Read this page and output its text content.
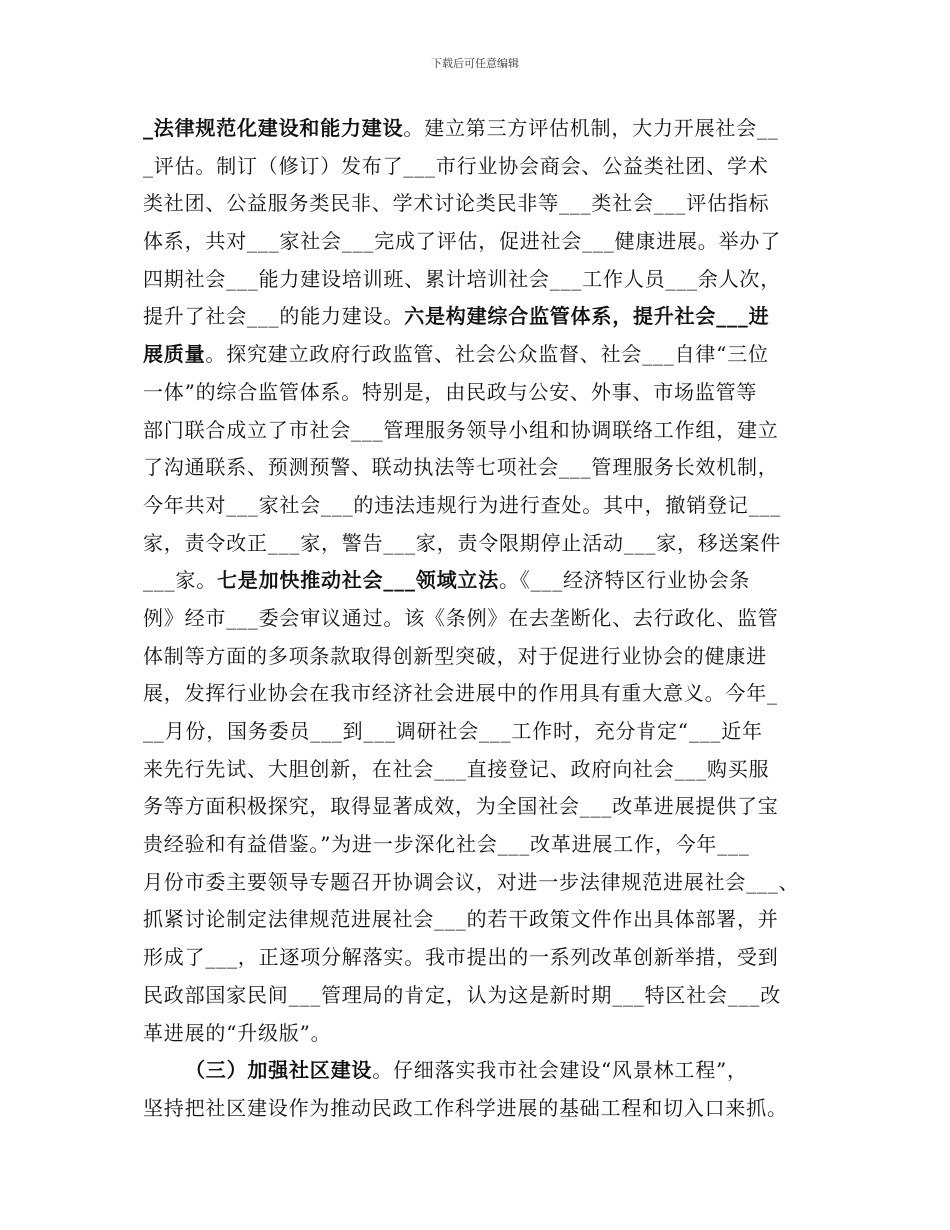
下载后可任意编辑
_法律规范化建设和能力建设。建立第三方评估机制，大力开展社会__
_评估。制订（修订）发布了___市行业协会商会、公益类社团、学术
类社团、公益服务类民非、学术讨论类民非等___类社会___评估指标
体系，共对___家社会___完成了评估，促进社会___健康进展。举办了
四期社会___能力建设培训班、累计培训社会___工作人员___余人次，
提升了社会___的能力建设。六是构建综合监管体系，提升社会___进
展质量。探究建立政府行政监管、社会公众监督、社会___自律“三位
一体”的综合监管体系。特别是，由民政与公安、外事、市场监管等
部门联合成立了市社会___管理服务领导小组和协调联络工作组，建立
了沟通联系、预测预警、联动执法等七项社会___管理服务长效机制，
今年共对___家社会___的违法违规行为进行查处。其中，撤销登记___
家，责令改正___家，警告___家，责令限期停止活动___家，移送案件
___家。七是加快推动社会___领域立法。《___经济特区行业协会条
例》经市___委会审议通过。该《条例》在去垄断化、去行政化、监管
体制等方面的多项条款取得创新型突破，对于促进行业协会的健康进
展，发挥行业协会在我市经济社会进展中的作用具有重大意义。今年_
__月份，国务委员___到___调研社会___工作时，充分肯定“___近年
来先行先试、大胆创新，在社会___直接登记、政府向社会___购买服
务等方面积极探究，取得显著成效，为全国社会___改革进展提供了宝
贵经验和有益借鉴。”为进一步深化社会___改革进展工作，今年___
月份市委主要领导专题召开协调会议，对进一步法律规范进展社会___、
抓紧讨论制定法律规范进展社会___的若干政策文件作出具体部署，并
形成了___，正逐项分解落实。我市提出的一系列改革创新举措，受到
民政部国家民间___管理局的肯定，认为这是新时期___特区社会___改
革进展的“升级版”。
（三）加强社区建设。仔细落实我市社会建设“风景林工程”，
坚持把社区建设作为推动民政工作科学进展的基础工程和切入口来抓。
